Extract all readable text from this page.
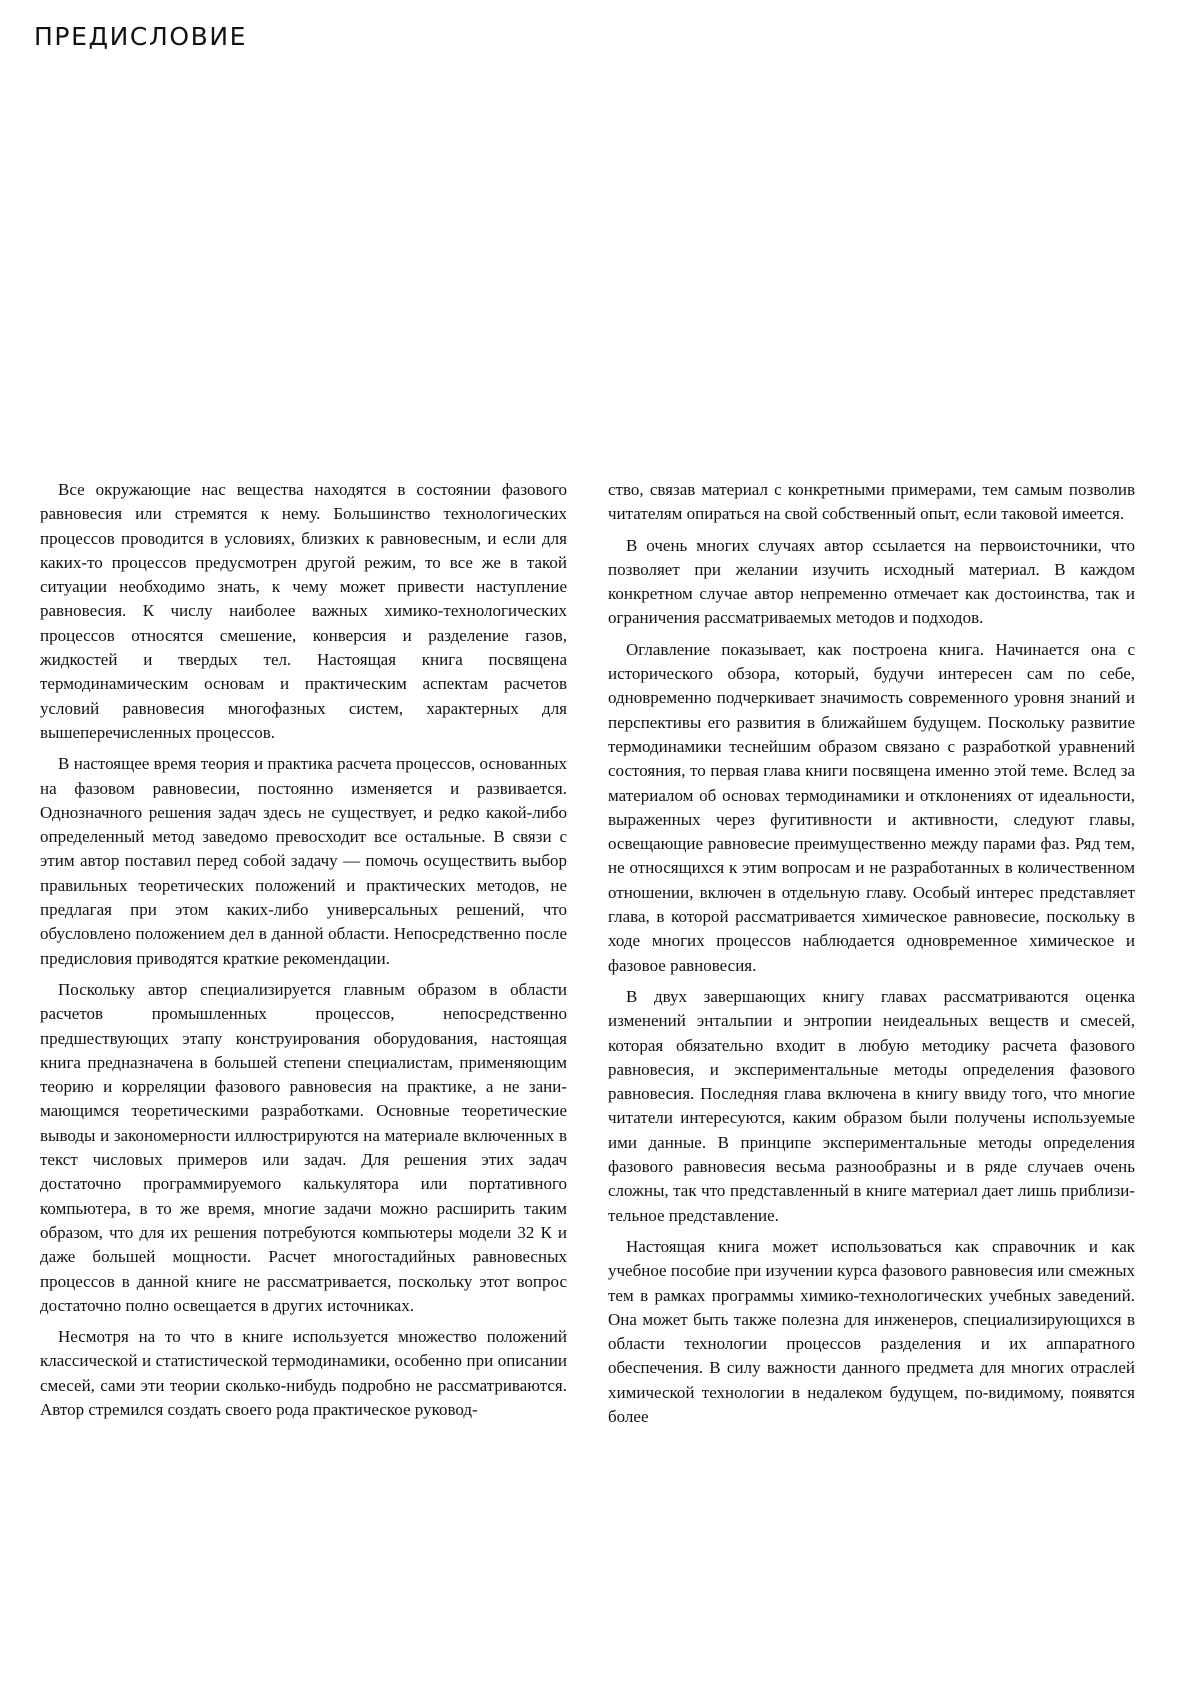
ПРЕДИСЛОВИЕ

Все окружающие нас вещества находятся в состоянии фазового равновесия или стремятся к нему. Большинство технологических процессов проводится в условиях, близких к равновесным, и если для каких-то процессов предусмотрен другой режим, то все же в такой ситуации необходимо знать, к чему может привести наступление равновесия. К числу наиболее важных химико-технологических процессов относятся смешение, конверсия и разделение газов, жидкостей и твердых тел. Настоящая книга посвящена термодинамическим основам и практическим аспектам расчетов условий равновесия многофазных систем, характерных для вышеперечисленных процессов.

В настоящее время теория и практика расчета процессов, основанных на фазовом равновесии, постоянно изменяется и развивается. Однозначного решения задач здесь не существует, и редко какой-либо определенный метод заведомо превосходит все остальные. В связи с этим автор поставил перед собой задачу — помочь осуществить выбор правильных теоретических положений и практических методов, не предлагая при этом каких-либо универсальных решений, что обусловлено положением дел в данной области. Непосредственно после предисловия приводятся краткие рекомендации.

Поскольку автор специализируется главным образом в области расчетов промышленных процессов, непосредственно предшествующих этапу конструирования оборудования, настоящая книга предназначена в большей степени специалистам, применяющим теорию и корреляции фазового равновесия на практике, а не занимающимся теоретическими разработками. Основные теоретические выводы и закономерности иллюстрируются на материале включенных в текст числовых примеров или задач. Для решения этих задач достаточно программируемого калькулятора или портативного компьютера, в то же время, многие задачи можно расширить таким образом, что для их решения потребуются компьютеры модели 32 К и даже большей мощности. Расчет многостадийных равновесных процессов в данной книге не рассматривается, поскольку этот вопрос достаточно полно освещается в других источниках.

Несмотря на то что в книге используется множество положений классической и статистической термодинамики, особенно при описании смесей, сами эти теории сколько-нибудь подробно не рассматриваются. Автор стремился создать своего рода практическое руковод-

ство, связав материал с конкретными примерами, тем самым позволив читателям опираться на свой собственный опыт, если таковой имеется.

В очень многих случаях автор ссылается на первоисточники, что позволяет при желании изучить исходный материал. В каждом конкретном случае автор непременно отмечает как достоинства, так и ограничения рассматриваемых методов и подходов.

Оглавление показывает, как построена книга. Начинается она с исторического обзора, который, будучи интересен сам по себе, одновременно подчеркивает значимость современного уровня знаний и перспективы его развития в ближайшем будущем. Поскольку развитие термодинамики теснейшим образом связано с разработкой уравнений состояния, то первая глава книги посвящена именно этой теме. Вслед за материалом об основах термодинамики и отклонениях от идеальности, выраженных через фугитивности и активности, следуют главы, освещающие равновесие преимущественно между парами фаз. Ряд тем, не относящихся к этим вопросам и не разработанных в количественном отношении, включен в отдельную главу. Особый интерес представляет глава, в которой рассматривается химическое равновесие, поскольку в ходе многих процессов наблюдается одновременное химическое и фазовое равновесия.

В двух завершающих книгу главах рассматриваются оценка изменений энтальпии и энтропии неидеальных веществ и смесей, которая обязательно входит в любую методику расчета фазового равновесия, и экспериментальные методы определения фазового равновесия. Последняя глава включена в книгу ввиду того, что многие читатели интересуются, каким образом были получены используемые ими данные. В принципе экспериментальные методы определения фазового равновесия весьма разнообразны и в ряде случаев очень сложны, так что представленный в книге материал дает лишь приблизительное представление.

Настоящая книга может использоваться как справочник и как учебное пособие при изучении курса фазового равновесия или смежных тем в рамках программы химико-технологических учебных заведений. Она может быть также полезна для инженеров, специализирующихся в области технологии процессов разделения и их аппаратного обеспечения. В силу важности данного предмета для многих отраслей химической технологии в недалеком будущем, по-видимому, появятся более
